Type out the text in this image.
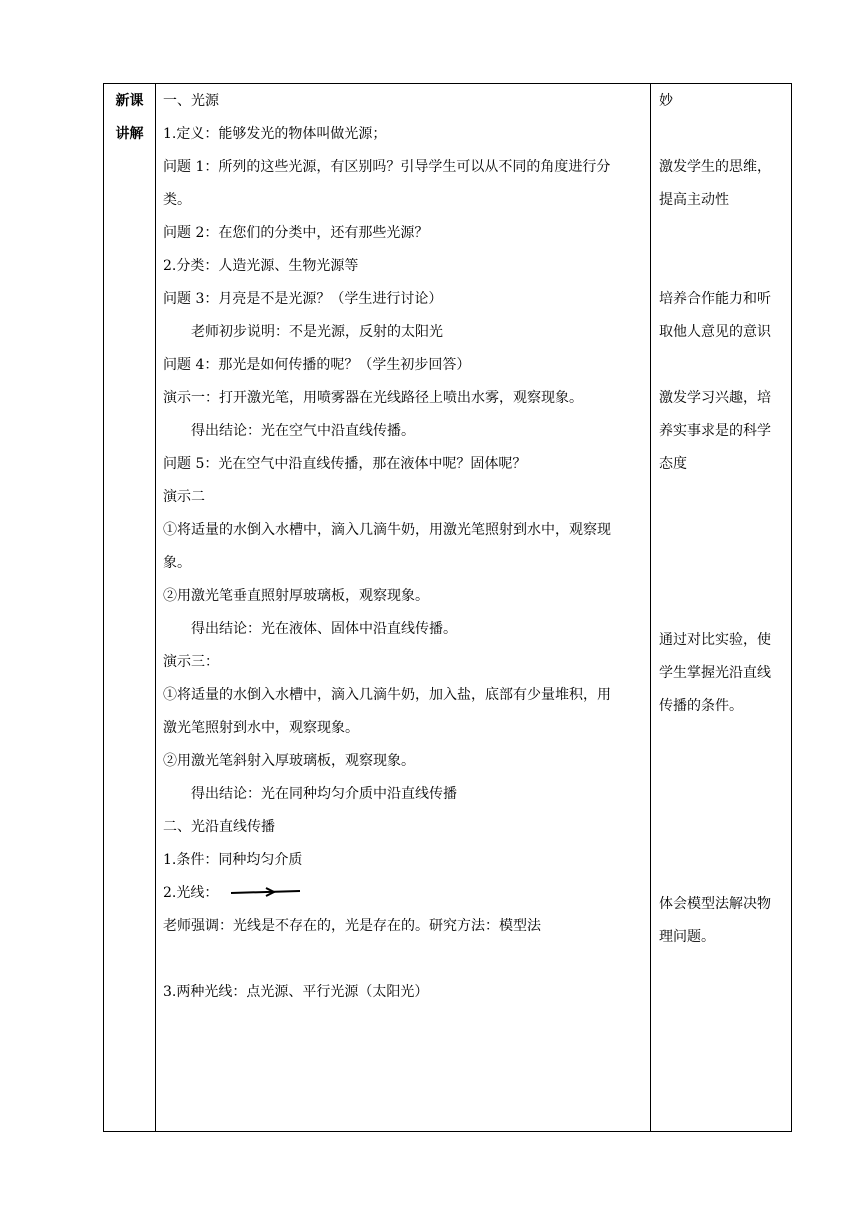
新课
讲解
一、光源
1.定义：能够发光的物体叫做光源；
问题 1：所列的这些光源，有区别吗？引导学生可以从不同的角度进行分
类。
问题 2：在您们的分类中，还有那些光源？
2.分类：人造光源、生物光源等
问题 3：月亮是不是光源？（学生进行讨论）
老师初步说明：不是光源，反射的太阳光
问题 4：那光是如何传播的呢？（学生初步回答）
演示一：打开激光笔，用喷雾器在光线路径上喷出水雾，观察现象。
得出结论：光在空气中沿直线传播。
问题 5：光在空气中沿直线传播，那在液体中呢？固体呢？
演示二
①将适量的水倒入水槽中，滴入几滴牛奶，用激光笔照射到水中，观察现
象。
②用激光笔垂直照射厚玻璃板，观察现象。
得出结论：光在液体、固体中沿直线传播。
演示三：
①将适量的水倒入水槽中，滴入几滴牛奶，加入盐，底部有少量堆积，用
激光笔照射到水中，观察现象。
②用激光笔斜射入厚玻璃板，观察现象。
得出结论：光在同种均匀介质中沿直线传播
二、光沿直线传播
1.条件：同种均匀介质
2.光线：
老师强调：光线是不存在的，光是存在的。研究方法：模型法
3.两种光线：点光源、平行光源（太阳光）
妙
激发学生的思维，
提高主动性
培养合作能力和听
取他人意见的意识
激发学习兴趣，培
养实事求是的科学
态度
通过对比实验，使
学生掌握光沿直线
传播的条件。
体会模型法解决物
理问题。
